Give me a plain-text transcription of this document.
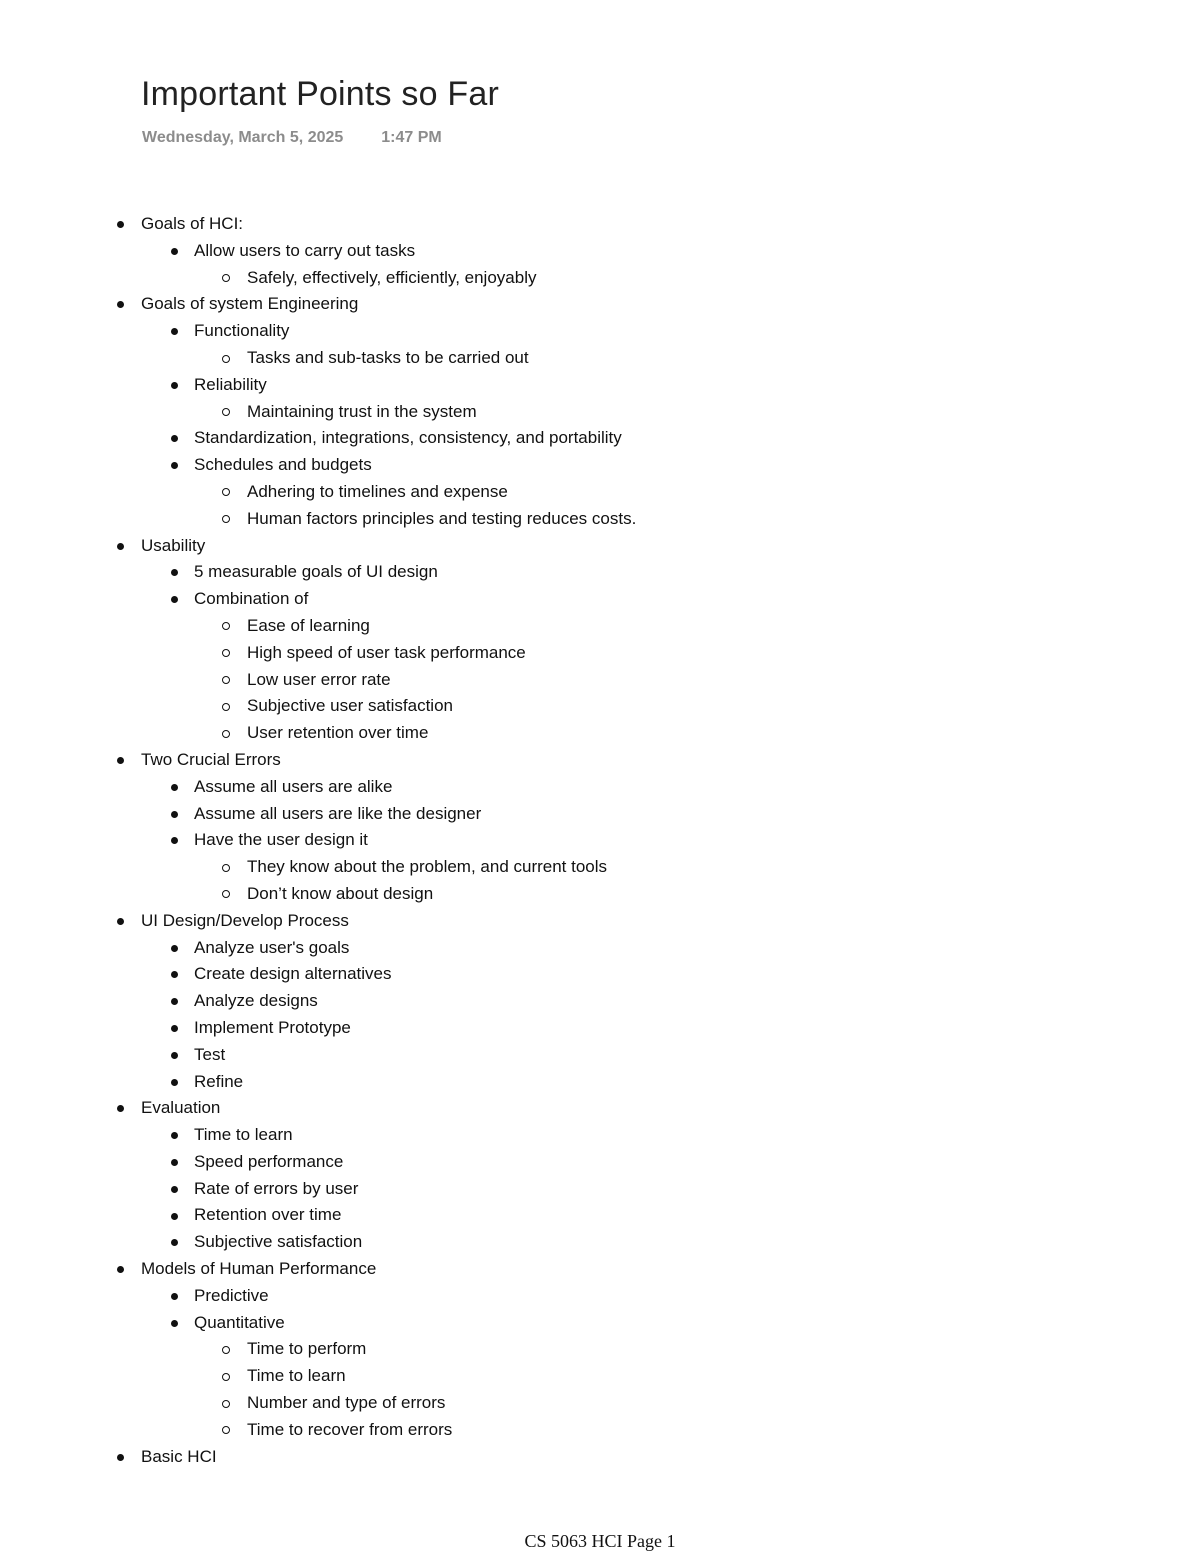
Important Points so Far
Wednesday, March 5, 2025 1:47 PM
Goals of HCI:
Allow users to carry out tasks
Safely, effectively, efficiently, enjoyably
Goals of system Engineering
Functionality
Tasks and sub-tasks to be carried out
Reliability
Maintaining trust in the system
Standardization, integrations, consistency, and portability
Schedules and budgets
Adhering to timelines and expense
Human factors principles and testing reduces costs.
Usability
5 measurable goals of UI design
Combination of
Ease of learning
High speed of user task performance
Low user error rate
Subjective user satisfaction
User retention over time
Two Crucial Errors
Assume all users are alike
Assume all users are like the designer
Have the user design it
They know about the problem, and current tools
Don’t know about design
UI Design/Develop Process
Analyze user's goals
Create design alternatives
Analyze designs
Implement Prototype
Test
Refine
Evaluation
Time to learn
Speed performance
Rate of errors by user
Retention over time
Subjective satisfaction
Models of Human Performance
Predictive
Quantitative
Time to perform
Time to learn
Number and type of errors
Time to recover from errors
Basic HCI
CS 5063 HCI Page 1
